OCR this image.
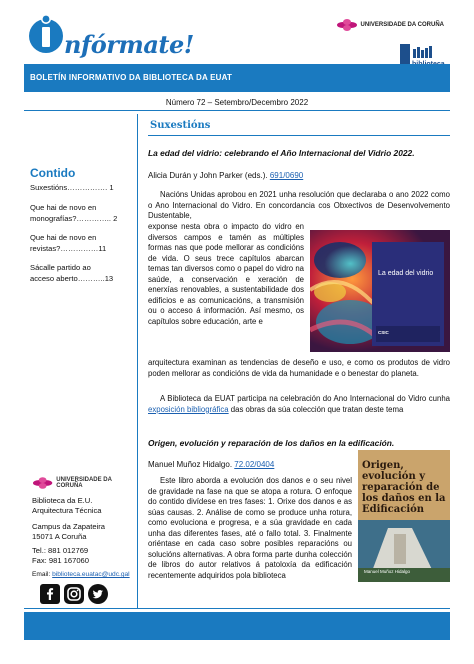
nfórmate!
UNIVERSIDADE DA CORUÑA
BOLETÍN INFORMATIVO DA BIBLIOTECA DA EUAT
Número 72 – Setembro/Decembro 2022
Contido
Suxestións……………. 1
Que hai de novo en
monografías?………….. 2
Que hai de novo en
revistas?……………11
Sácalle partido ao
acceso aberto………..13
UNIVERSIDADE DA CORUÑA
Biblioteca da E.U.
Arquitectura Técnica
Campus da Zapateira
15071 A Coruña
Tel.: 881 012769
Fax: 981 167060
Email: biblioteca.euatac@udc.gal
Suxestións
La edad del vidrio: celebrando el Año Internacional del Vidrio 2022.
Alicia Durán y John Parker (eds.). 691/0690
Nacións Unidas aprobou en 2021 unha resolución que declaraba o ano 2022 como o Ano Internacional do Vidro. En concordancia cos Obxectivos de Desenvolvemento Dustentable,
exponse nesta obra o impacto do vidro en diversos campos e tamén as múltiples formas nas que pode mellorar as condicións de vida. O seus trece capítulos abarcan temas tan diversos como o papel do vidro na saúde, a conservación e xeración de enerxías renovables, a sustentabilidade dos edificios e as comunicacións, a transmisión ou o acceso á información. Así mesmo, os capítulos sobre educación, arte e
arquitectura examinan as tendencias de deseño e uso, e como os produtos de vidro poden mellorar as condicións de vida da humanidade e o benestar do planeta.
La edad del vidrio
CSIC
A Biblioteca da EUAT participa na celebración do Ano Internacional do Vidro cunha exposición bibliográfica das obras da súa colección que tratan deste tema
Origen, evolución y reparación de los daños en la edificación.
Manuel Muñoz Hidalgo. 72.02/0404
Este libro aborda a evolución dos danos e o seu nivel de gravidade na fase na que se atopa a rotura. O enfoque do contido divídese en tres fases: 1. Orixe dos danos e as súas causas. 2. Análise de como se produce unha rotura, como evoluciona e progresa, e a súa gravidade en cada unha das diferentes fases, até o fallo total. 3. Finalmente oriéntase en cada caso sobre posibles reparacións ou solucións alternativas. A obra forma parte dunha colección de libros do autor relativos á patoloxía da edificación recentemente adquiridos pola biblioteca
Origen, evolución y reparación de los daños en la Edificación
Manuel Muñoz Hidalgo
